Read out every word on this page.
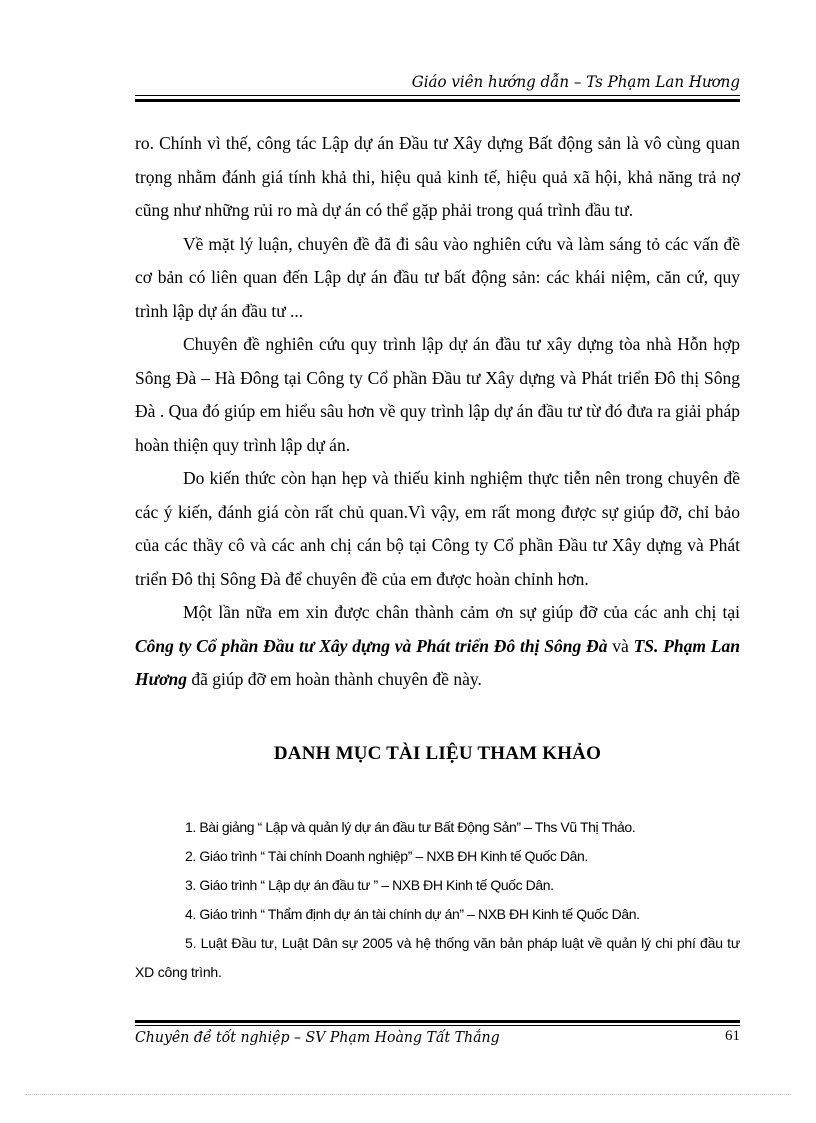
Giáo viên hướng dẫn – Ts Phạm Lan Hương

ro. Chính vì thế, công tác Lập dự án Đầu tư Xây dựng Bất động sản là vô cùng quan trọng nhằm đánh giá tính khả thi, hiệu quả kinh tế, hiệu quả xã hội, khả năng trả nợ cũng như những rủi ro mà dự án có thể gặp phải trong quá trình đầu tư.

Về mặt lý luận, chuyên đề đã đi sâu vào nghiên cứu và làm sáng tỏ các vấn đề cơ bản có liên quan đến Lập dự án đầu tư bất động sản: các khái niệm, căn cứ, quy trình lập dự án đầu tư ...

Chuyên đề nghiên cứu quy trình lập dự án đầu tư xây dựng tòa nhà Hỗn hợp Sông Đà – Hà Đông tại Công ty Cổ phần Đầu tư Xây dựng và Phát triển Đô thị Sông Đà . Qua đó giúp em hiểu sâu hơn về quy trình lập dự án đầu tư từ đó đưa ra giải pháp hoàn thiện quy trình lập dự án.

Do kiến thức còn hạn hẹp và thiếu kinh nghiệm thực tiễn nên trong chuyên đề các ý kiến, đánh giá còn rất chủ quan.Vì vậy, em rất mong được sự giúp đỡ, chỉ bảo của các thầy cô và các anh chị cán bộ tại Công ty Cổ phần Đầu tư Xây dựng và Phát triển Đô thị Sông Đà để chuyên đề của em được hoàn chỉnh hơn.

Một lần nữa em xin được chân thành cảm ơn sự giúp đỡ của các anh chị tại Công ty Cổ phần Đầu tư Xây dựng và Phát triển Đô thị Sông Đà và TS. Phạm Lan Hương đã giúp đỡ em hoàn thành chuyên đề này.

DANH MỤC TÀI LIỆU THAM KHẢO
1. Bài giảng “ Lập và quản lý dự án đầu tư Bất Động Sản” – Ths Vũ Thị Thảo.
2. Giáo trình “ Tài chính Doanh nghiệp” – NXB ĐH Kinh tế Quốc Dân.
3. Giáo trình “ Lập dự án đầu tư ” – NXB ĐH Kinh tế Quốc Dân.
4. Giáo trình “ Thẩm định dự án tài chính dự án” – NXB ĐH Kinh tế Quốc Dân.
5. Luật Đầu tư, Luật Dân sự 2005 và hệ thống văn bản pháp luật về quản lý chi phí đầu tư XD công trình.
Chuyên đề tốt nghiệp – SV Phạm Hoàng Tất Thắng	61
